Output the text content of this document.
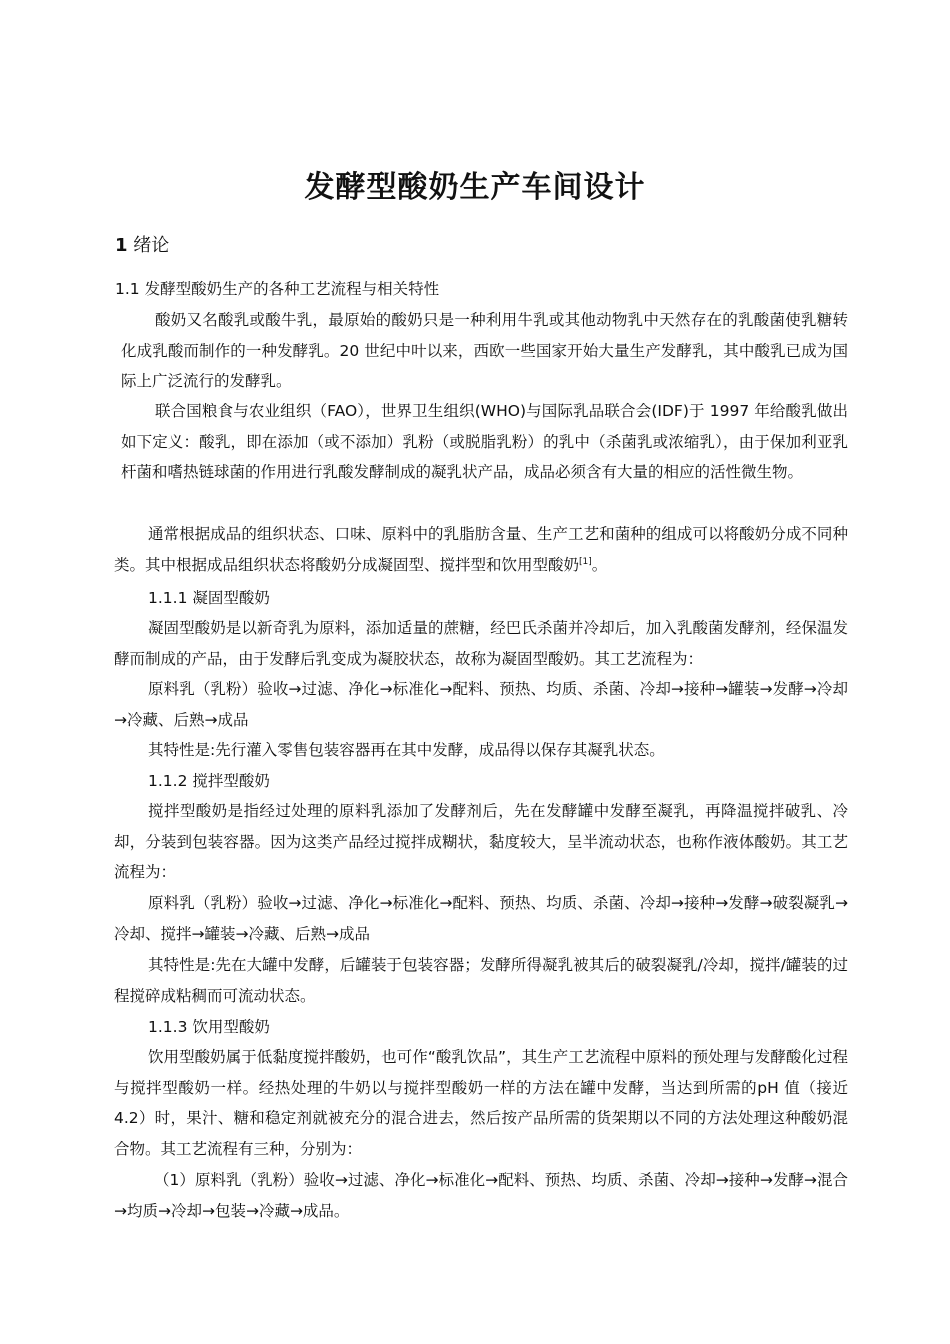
发酵型酸奶生产车间设计
1 绪论
1.1 发酵型酸奶生产的各种工艺流程与相关特性

酸奶又名酸乳或酸牛乳，最原始的酸奶只是一种利用牛乳或其他动物乳中天然存在的乳酸菌使乳糖转化成乳酸而制作的一种发酵乳。20 世纪中叶以来，西欧一些国家开始大量生产发酵乳，其中酸乳已成为国际上广泛流行的发酵乳。

联合国粮食与农业组织（FAO），世界卫生组织(WHO)与国际乳品联合会(IDF)于 1997 年给酸乳做出如下定义：酸乳，即在添加（或不添加）乳粉（或脱脂乳粉）的乳中（杀菌乳或浓缩乳），由于保加利亚乳杆菌和嗜热链球菌的作用进行乳酸发酵制成的凝乳状产品，成品必须含有大量的相应的活性微生物。

通常根据成品的组织状态、口味、原料中的乳脂肪含量、生产工艺和菌种的组成可以将酸奶分成不同种类。其中根据成品组织状态将酸奶分成凝固型、搅拌型和饮用型酸奶[1]。

1.1.1 凝固型酸奶

凝固型酸奶是以新奇乳为原料，添加适量的蔗糖，经巴氏杀菌并冷却后，加入乳酸菌发酵剂，经保温发酵而制成的产品，由于发酵后乳变成为凝胶状态，故称为凝固型酸奶。其工艺流程为：

原料乳（乳粉）验收→过滤、净化→标准化→配料、预热、均质、杀菌、冷却→接种→罐装→发酵→冷却→冷藏、后熟→成品

其特性是:先行灌入零售包装容器再在其中发酵，成品得以保存其凝乳状态。

1.1.2 搅拌型酸奶

搅拌型酸奶是指经过处理的原料乳添加了发酵剂后，先在发酵罐中发酵至凝乳，再降温搅拌破乳、冷却，分装到包装容器。因为这类产品经过搅拌成糊状，黏度较大，呈半流动状态，也称作液体酸奶。其工艺流程为：

原料乳（乳粉）验收→过滤、净化→标准化→配料、预热、均质、杀菌、冷却→接种→发酵→破裂凝乳→冷却、搅拌→罐装→冷藏、后熟→成品

其特性是:先在大罐中发酵，后罐装于包装容器；发酵所得凝乳被其后的破裂凝乳/冷却，搅拌/罐装的过程搅碎成粘稠而可流动状态。

1.1.3 饮用型酸奶

饮用型酸奶属于低黏度搅拌酸奶，也可作“酸乳饮品”，其生产工艺流程中原料的预处理与发酵酸化过程与搅拌型酸奶一样。经热处理的牛奶以与搅拌型酸奶一样的方法在罐中发酵，当达到所需的pH 值（接近 4.2）时，果汁、糖和稳定剂就被充分的混合进去，然后按产品所需的货架期以不同的方法处理这种酸奶混合物。其工艺流程有三种，分别为：

（1）原料乳（乳粉）验收→过滤、净化→标准化→配料、预热、均质、杀菌、冷却→接种→发酵→混合→均质→冷却→包装→冷藏→成品。
